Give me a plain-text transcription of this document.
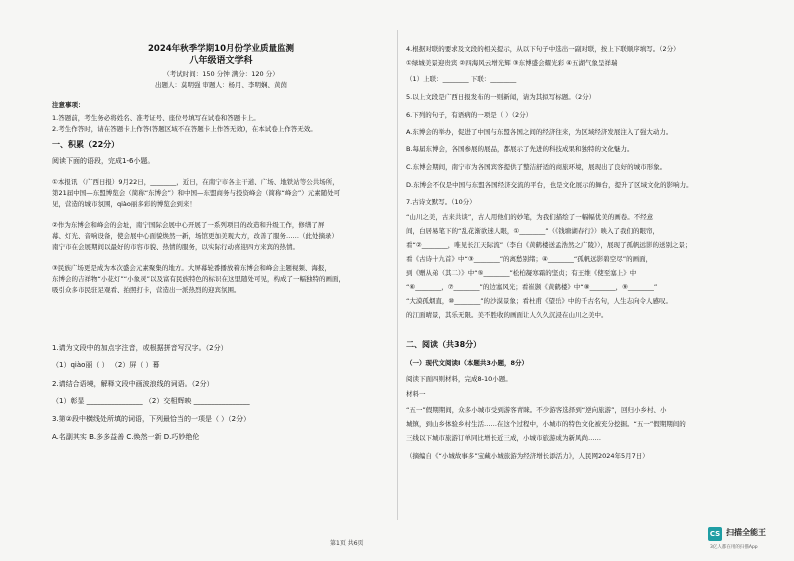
2024年秋季学期10月份学业质量监测
八年级语文学科
（考试时间：150 分钟 满分：120 分）
出题人：莫明强 审题人：杨月、李明娴、黄茵
注意事项：
1.答题前，考生务必将姓名、准考证号、座位号填写在试卷和答题卡上。
2.考生作答时，请在答题卡上作答(答题区域不在答题卡上作答无效)，在本试卷上作答无效。
一、积累（22分）
阅读下面的语段，完成1-6小题。
①本报讯 （广西日报）9月22日，________，近日，在南宁市各主干道、广场、地铁站等公共场所，
第21届中国—东盟博览会（简称“东博会”）和中国—东盟商务与投资峰会（简称“峰会”）元素随处可
见，营造的城市氛围，qiào丽多彩的博览会到来！
②作为东博会和峰会的会址，南宁国际会展中心开展了一系列项目的改造和升级工作，修缮了屏
幕、灯光、音响设备，使会展中心面貌焕然一新，场馆更加美观大方，改善了服务……（此处摘录）
南宁市在会展期间以最好的市容市貌、热情的服务，以实际行动喜迎四方来宾的热情。
③民族广场更是成为本次盛会元素聚集的地方。大屏幕轮番播放着东博会和峰会主题视频、海报，
东博会的吉祥物“小花灯”“小象灵”以及富有民族特色的标识在这里随处可见，构成了一幅独特的画面，
吸引众多市民驻足观看、拍照打卡，营造出一派热烈的迎宾氛围。
1.请为文段中的加点字注音，或根据拼音写汉字。（2分）
（1）qiào丽（ ） （2）屏（ ）幕
2.请结合语境，解释文段中画波浪线的词语。（2分）
（1）彰显 ________________ （2）交相辉映 ________________
3.第②段中横线处所填的词语，下列最恰当的一项是（ ）（2分）
A.名副其实 B.多多益善 C.焕然一新 D.巧妙绝伦
4.根据对联的要求及文段的相关提示，从以下句子中选出一副对联，按上下联顺序填写。（2分）
①绿城美景迎贵宾 ②四海风云增光辉 ③东博盛会耀光彩 ④五湖气象呈祥瑞
（1）上联：________ 下联：________
5.以上文段是广西日报发布的一则新闻，请为其拟写标题。（2分）
6.下列的句子，有语病的一项是（ ）（2分）
A.东博会的举办，促进了中国与东盟各国之间的经济往来，为区域经济发展注入了强大动力。
B.每届东博会，各国参展的展品，都展示了先进的科技成果和独特的文化魅力。
C.东博会期间，南宁市为各国宾客提供了整洁舒适的商旅环境，展现出了良好的城市形象。
D.东博会不仅是中国与东盟各国经济交流的平台，也是文化展示的舞台，提升了区域文化的影响力。
7.古诗文默写。（10分）
“山川之美，古来共谈”，古人用他们的妙笔，为我们描绘了一幅幅优美的画卷。不经意
间，白居易笔下的“乱花渐欲迷人眼，①________”（《钱塘湖春行》）映入了我们的眼帘，
看“②________，唯见长江天际流”（李白《黄鹤楼送孟浩然之广陵》），展现了孤帆远影的送别之景；
看《古诗十九首》中“③________”的离愁别绪；④________“孤帆远影碧空尽”的画面，
到《赠从弟（其二）》中“⑤________”松柏凝寒霜的坚贞；有王维《使至塞上》中
“⑥________，⑦________”的边塞风光；看崔颢《黄鹤楼》中“⑧________，⑨________”
“大漠孤烟直，⑩________”的沙漠景象；看杜甫《望岳》中的千古名句，人生志向令人感叹。
的江面晴景，其乐无限。美不胜收的画面让人久久沉浸在山川之美中。
二、阅读（共38分）
（一）现代文阅读Ⅰ（本题共3小题，8分）
阅读下面四则材料，完成8-10小题。
材料一
“五一”假期期间，众多小城市受到游客青睐。不少游客选择到“逆向旅游”，回归小乡村、小
城镇，到山乡体验乡村生活……在这个过程中，小城市的特色文化被充分挖掘。“五一”假期期间的
三线以下城市旅游订单同比增长近三成，小城市旅游成为新风尚……
（摘编自《“小城故事多”宝藏小城旅游为经济增长添活力》，人民网2024年5月7日）
第1页 共6页
CS 扫描全能王
3亿人都在用的扫描App
